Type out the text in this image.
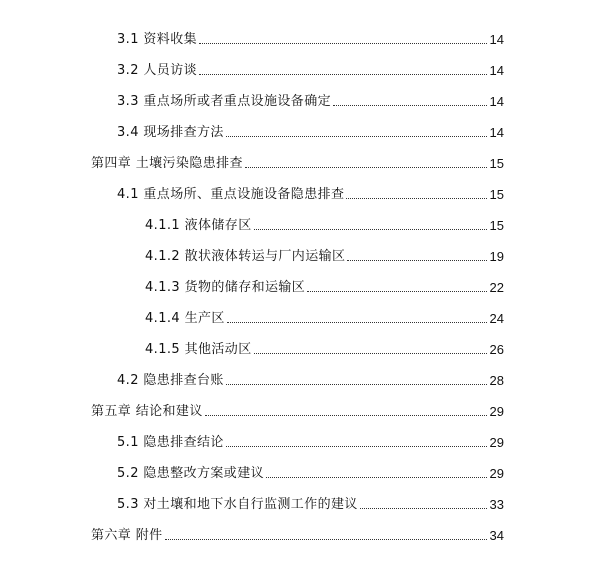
3.1 资料收集	14
3.2 人员访谈	14
3.3 重点场所或者重点设施设备确定	14
3.4 现场排查方法	14
第四章 土壤污染隐患排查	15
4.1 重点场所、重点设施设备隐患排查	15
4.1.1 液体储存区	15
4.1.2 散状液体转运与厂内运输区	19
4.1.3 货物的储存和运输区	22
4.1.4 生产区	24
4.1.5 其他活动区	26
4.2 隐患排查台账	28
第五章 结论和建议	29
5.1 隐患排查结论	29
5.2 隐患整改方案或建议	29
5.3 对土壤和地下水自行监测工作的建议	33
第六章 附件	34
